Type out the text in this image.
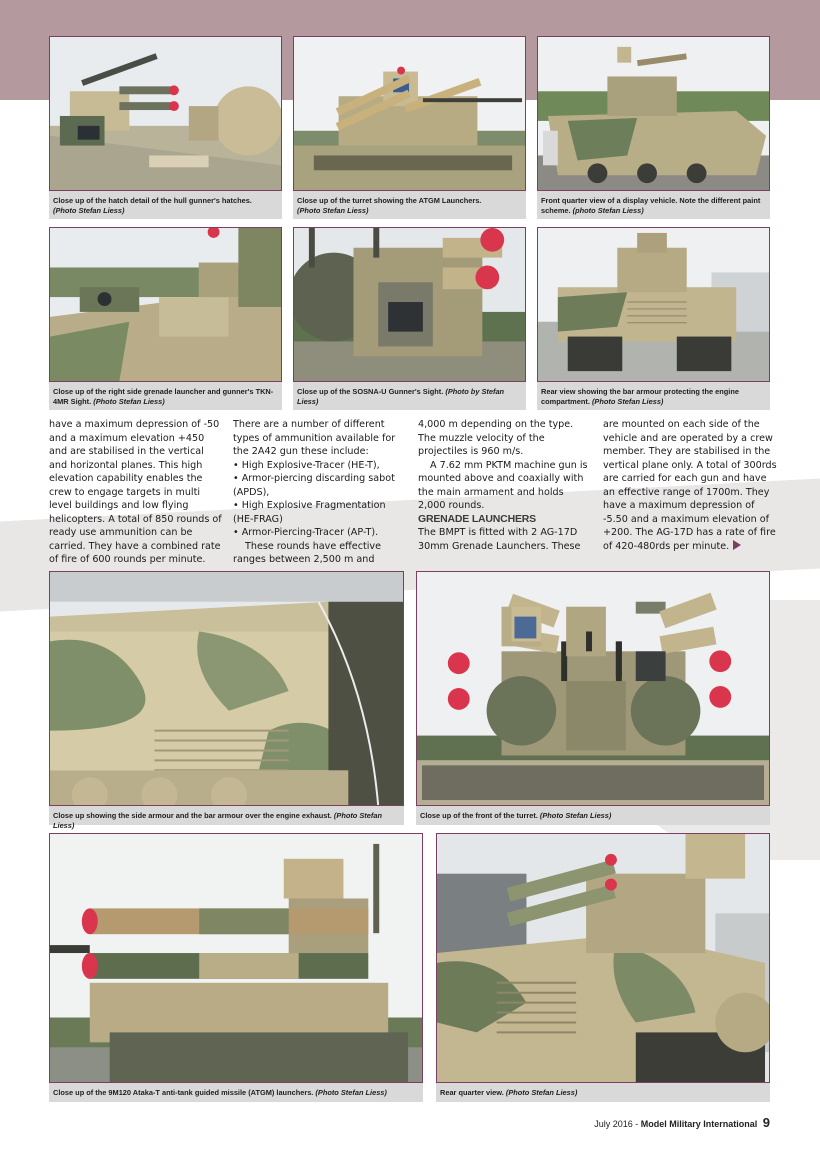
Close up of the hatch detail of the hull gunner's hatches.
(Photo Stefan Liess)
Close up of the turret showing the ATGM Launchers.
(Photo Stefan Liess)
Front quarter view of a display vehicle. Note the different paint scheme. (photo Stefan Liess)
Close up of the right side grenade launcher and gunner's TKN-4MR Sight. (Photo Stefan Liess)
Close up of the SOSNA-U Gunner's Sight. (Photo by Stefan Liess)
Rear view showing the bar armour protecting the engine compartment. (Photo Stefan Liess)

have a maximum depression of -50 and a maximum elevation +450 and are stabilised in the vertical and horizontal planes. This high elevation capability enables the crew to engage targets in multi level buildings and low flying helicopters. A total of 850 rounds of ready use ammunition can be carried. They have a combined rate of fire of 600 rounds per minute.

There are a number of different types of ammunition available for the 2A42 gun these include:

• High Explosive-Tracer (HE-T),

• Armor-piercing discarding sabot (APDS),

• High Explosive Fragmentation (HE-FRAG)

• Armor-Piercing-Tracer (AP-T).

These rounds have effective ranges between 2,500 m and

4,000 m depending on the type. The muzzle velocity of the projectiles is 960 m/s.

A 7.62 mm PKTM machine gun is mounted above and coaxially with the main armament and holds 2,000 rounds.

GRENADE LAUNCHERS

The BMPT is fitted with 2 AG-17D 30mm Grenade Launchers. These

are mounted on each side of the vehicle and are operated by a crew member. They are stabilised in the vertical plane only. A total of 300rds are carried for each gun and have an effective range of 1700m. They have a maximum depression of -5.50 and a maximum elevation of +200. The AG-17D has a rate of fire of 420-480rds per minute.

Close up showing the side armour and the bar armour over the engine exhaust. (Photo Stefan Liess)
Close up of the front of the turret. (Photo Stefan Liess)
Close up of the 9M120 Ataka-T anti-tank guided missile (ATGM) launchers. (Photo Stefan Liess)	Rear quarter view. (Photo Stefan Liess)
July 2016 - Model Military International 9
